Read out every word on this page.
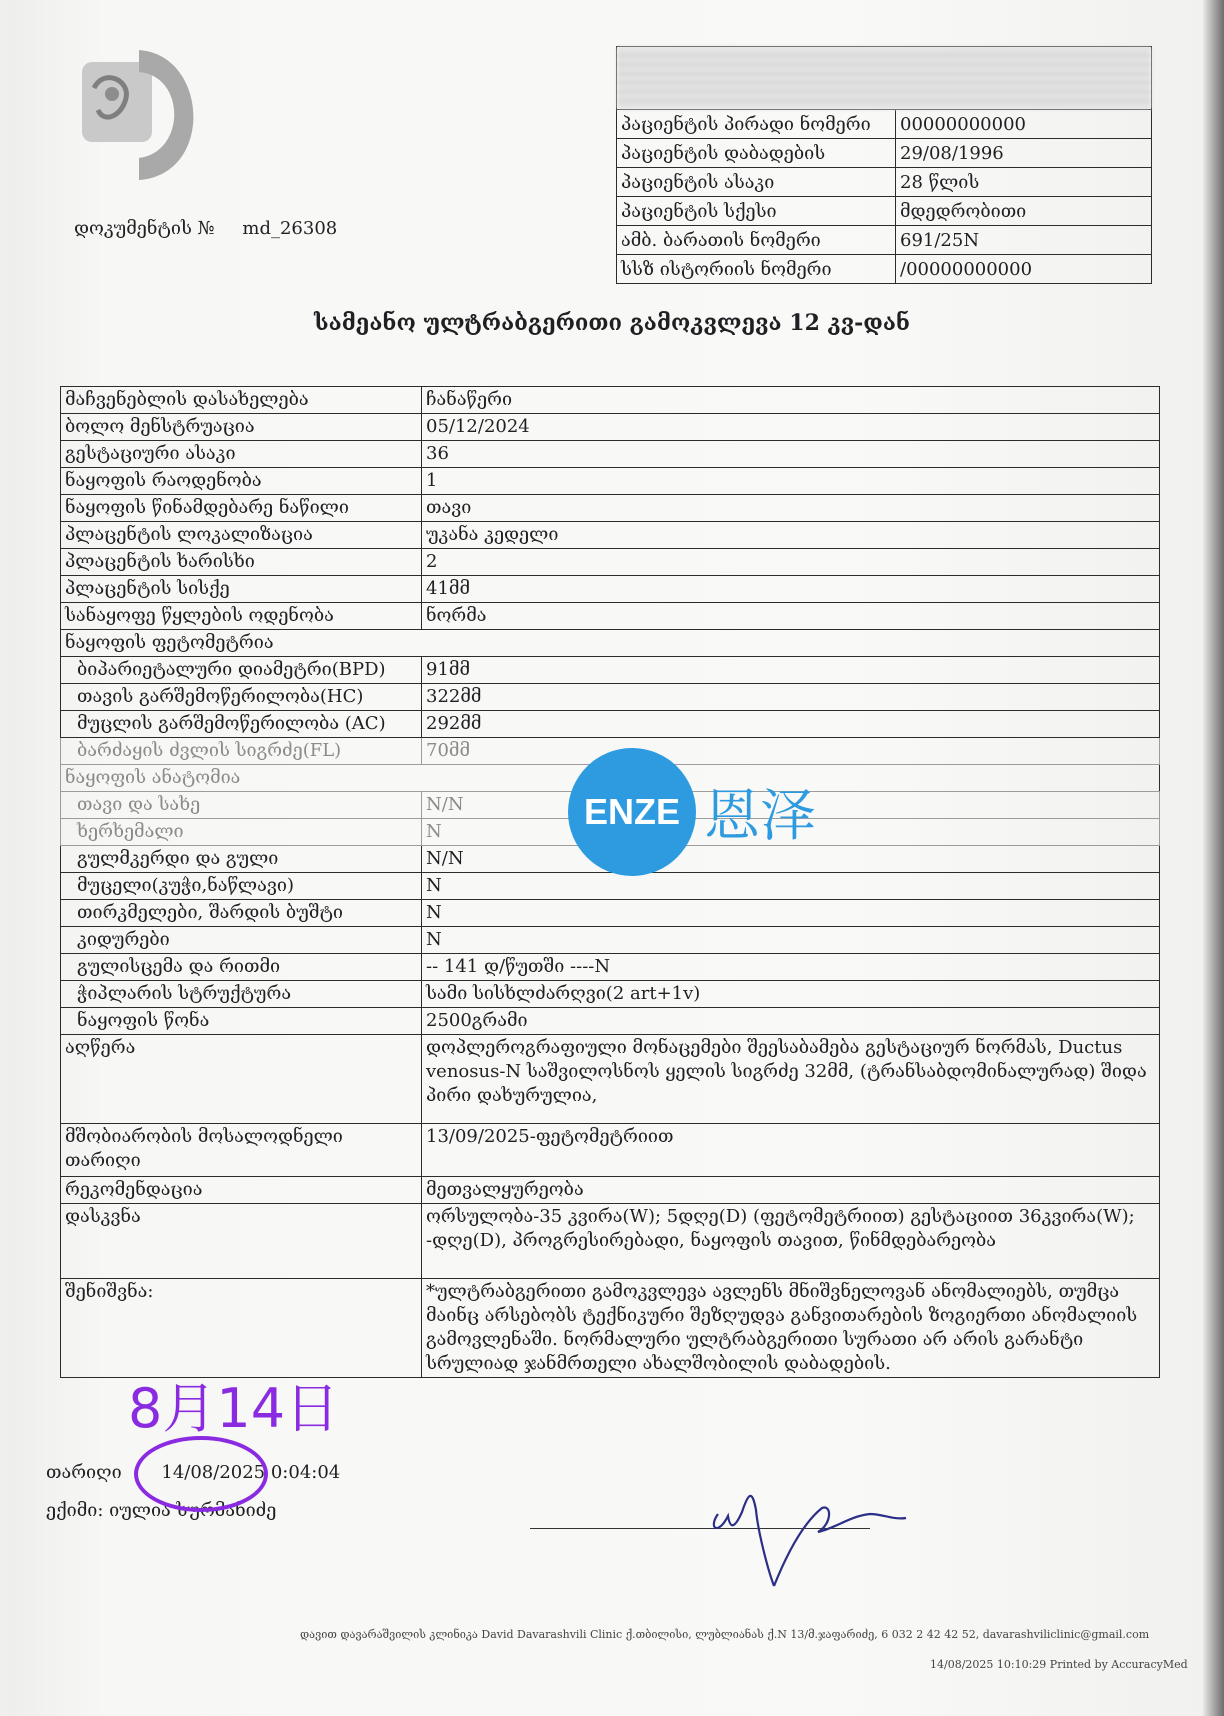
დოკუმენტის № md_26308

პაციენტის პირადი ნომერი	00000000000
პაციენტის დაბადების	29/08/1996
პაციენტის ასაკი	28 წლის
პაციენტის სქესი	მდედრობითი
ამბ. ბარათის ნომერი	691/25N
სსზ ისტორიის ნომერი	/00000000000
სამეანო ულტრაბგერითი გამოკვლევა 12 კვ-დან
მაჩვენებლის დასახელება	ჩანაწერი
ბოლო მენსტრუაცია	05/12/2024
გესტაციური ასაკი	36
ნაყოფის რაოდენობა	1
ნაყოფის წინამდებარე ნაწილი	თავი
პლაცენტის ლოკალიზაცია	უკანა კედელი
პლაცენტის ხარისხი	2
პლაცენტის სისქე	41მმ
სანაყოფე წყლების ოდენობა	ნორმა
ნაყოფის ფეტომეტრია	
ბიპარიეტალური დიამეტრი(BPD)	91მმ
თავის გარშემოწერილობა(HC)	322მმ
მუცლის გარშემოწერილობა (AC)	292მმ
ბარძაყის ძვლის სიგრძე(FL)	70მმ
ნაყოფის ანატომია	
თავი და სახე	N/N
ხერხემალი	N
გულმკერდი და გული	N/N
მუცელი(კუჭი,ნაწლავი)	N
თირკმელები, შარდის ბუშტი	N
კიდურები	N
გულისცემა და რითმი	-- 141 დ/წუთში ----N
ჭიპლარის სტრუქტურა	სამი სისხლძარღვი(2 art+1v)
ნაყოფის წონა	2500გრამი
აღწერა	დოპლეროგრაფიული მონაცემები შეესაბამება გესტაციურ ნორმას, Ductus venosus-N საშვილოსნოს ყელის სიგრძე 32მმ, (ტრანსაბდომინალურად) შიდა პირი დახურულია,
მშობიარობის მოსალოდნელი თარიღი	13/09/2025-ფეტომეტრიით
რეკომენდაცია	მეთვალყურეობა
დასკვნა	ორსულობა-35 კვირა(W); 5დღე(D) (ფეტომეტრიით) გესტაციით 36კვირა(W); -დღე(D), პროგრესირებადი, ნაყოფის თავით, წინმდებარეობა
შენიშვნა:	*ულტრაბგერითი გამოკვლევა ავლენს მნიშვნელოვან ანომალიებს, თუმცა მაინც არსებობს ტექნიკური შეზღუდვა განვითარების ზოგიერთი ანომალიის გამოვლენაში. ნორმალური ულტრაბგერითი სურათი არ არის გარანტი სრულიად ჯანმრთელი ახალშობილის დაბადების.
თარიღი 14/08/2025 0:04:04
ექიმი: იულია სურმანიძე
დავით დავარაშვილის კლინიკა David Davarashvili Clinic ქ.თბილისი, ლუბლიანას ქ.N 13/მ.ჯაფარიძე, 6 032 2 42 42 52, davarashviliclinic@gmail.com
14/08/2025 10:10:29 Printed by AccuracyMed
ENZE 恩泽
8月14日
